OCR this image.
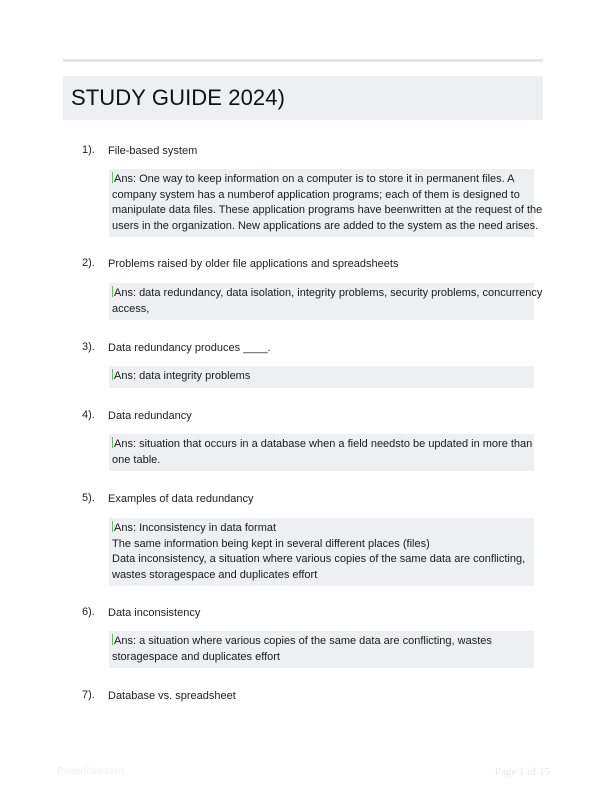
STUDY GUIDE 2024)
1). File-based system
Ans: One way to keep information on a computer is to store it in permanent files. A
company system has a numberof application programs; each of them is designed to
manipulate data files. These application programs have beenwritten at the request of the
users in the organization. New applications are added to the system as the need arises.
2). Problems raised by older file applications and spreadsheets
Ans: data redundancy, data isolation, integrity problems, security problems, concurrency
access,
3). Data redundancy produces ____.
Ans: data integrity problems
4). Data redundancy
Ans: situation that occurs in a database when a field needsto be updated in more than
one table.
5). Examples of data redundancy
Ans: Inconsistency in data format
The same information being kept in several different places (files)
Data inconsistency, a situation where various copies of the same data are conflicting,
wastes storagespace and duplicates effort
6). Data inconsistency
Ans: a situation where various copies of the same data are conflicting, wastes
storagespace and duplicates effort
7). Database vs. spreadsheet
Paperfolio.com	Page 1 of 15
